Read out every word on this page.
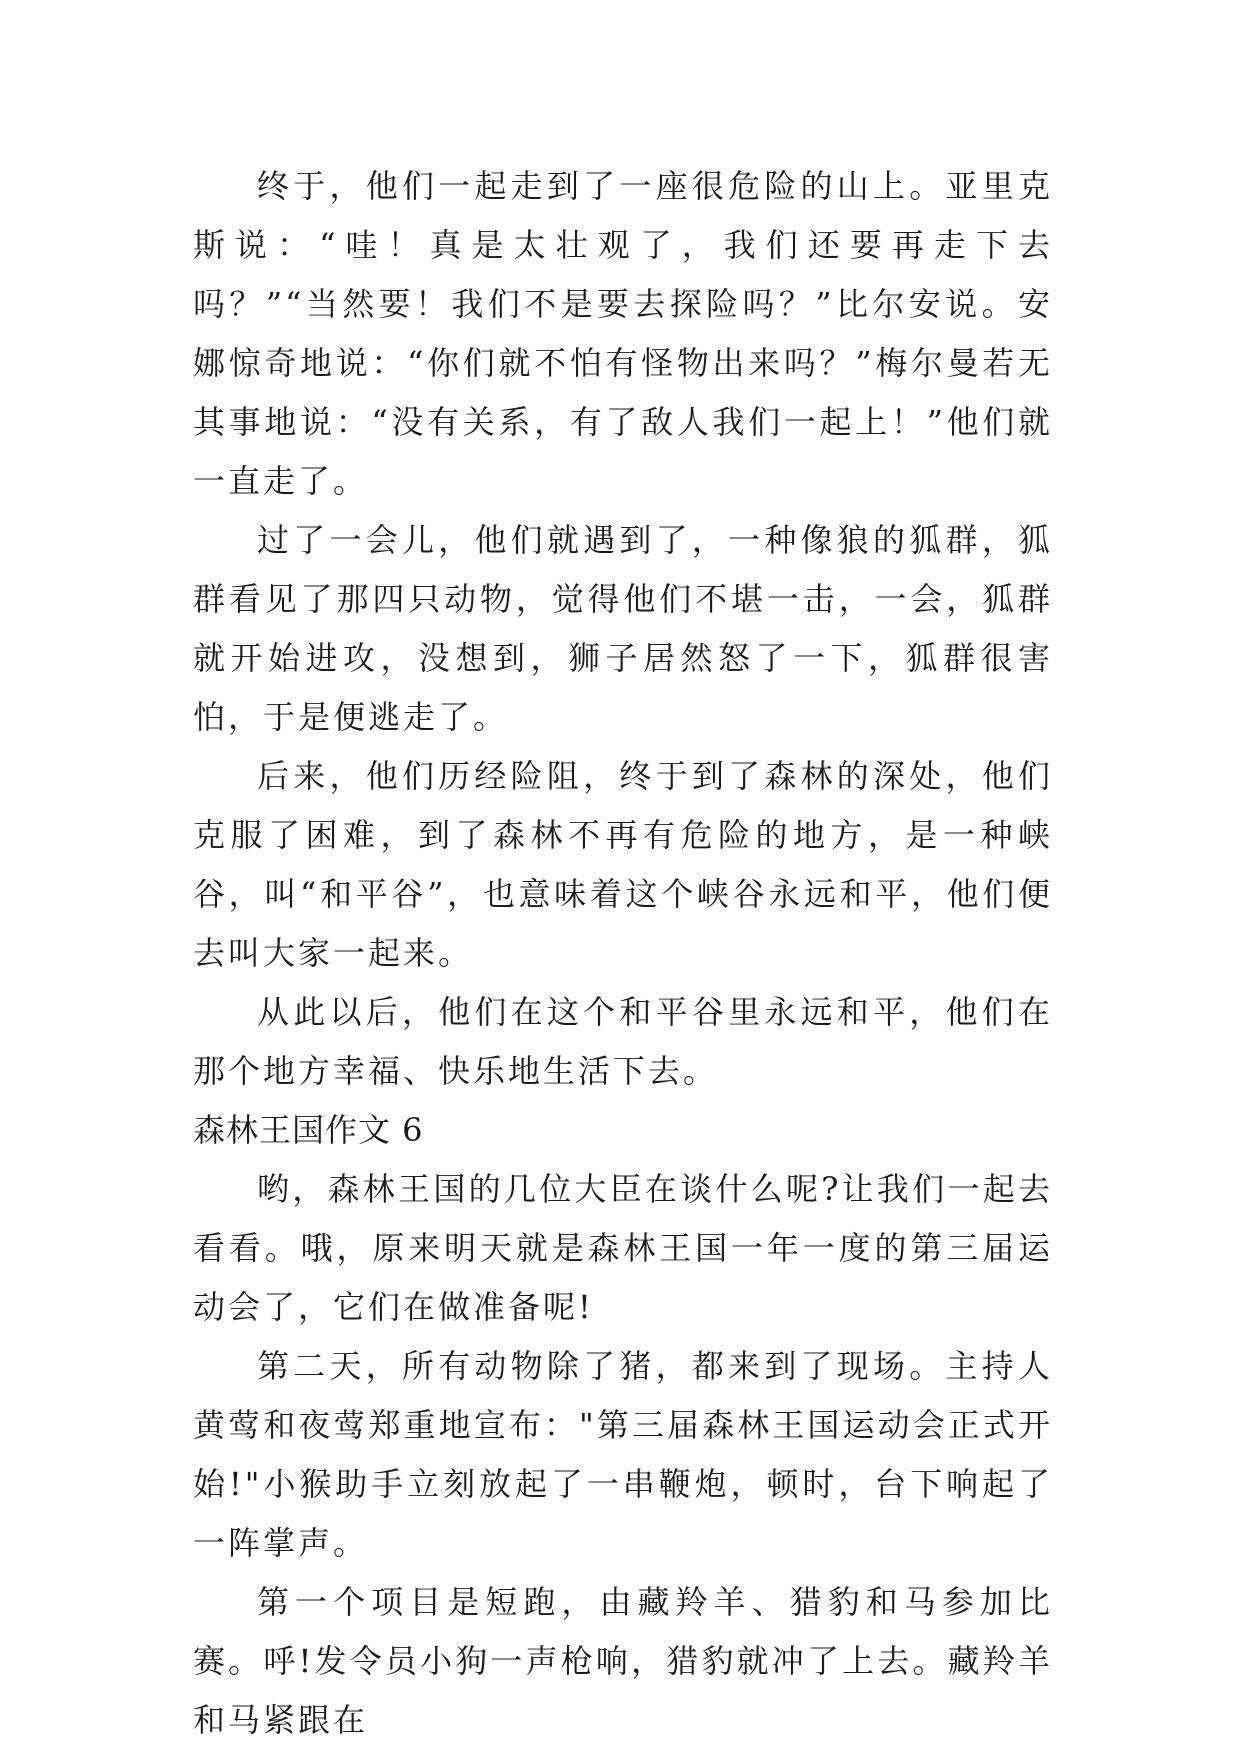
终于，他们一起走到了一座很危险的山上。亚里克斯说：“哇！真是太壮观了，我们还要再走下去吗？”“当然要！我们不是要去探险吗？”比尔安说。安娜惊奇地说：“你们就不怕有怪物出来吗？”梅尔曼若无其事地说：“没有关系，有了敌人我们一起上！”他们就一直走了。

过了一会儿，他们就遇到了，一种像狼的狐群，狐群看见了那四只动物，觉得他们不堪一击，一会，狐群就开始进攻，没想到，狮子居然怒了一下，狐群很害怕，于是便逃走了。

后来，他们历经险阻，终于到了森林的深处，他们克服了困难，到了森林不再有危险的地方，是一种峡谷，叫“和平谷”，也意味着这个峡谷永远和平，他们便去叫大家一起来。

从此以后，他们在这个和平谷里永远和平，他们在那个地方幸福、快乐地生活下去。

森林王国作文 6

哟，森林王国的几位大臣在谈什么呢?让我们一起去看看。哦，原来明天就是森林王国一年一度的第三届运动会了，它们在做准备呢!

第二天，所有动物除了猪，都来到了现场。主持人黄莺和夜莺郑重地宣布："第三届森林王国运动会正式开始!"小猴助手立刻放起了一串鞭炮，顿时，台下响起了一阵掌声。

第一个项目是短跑，由藏羚羊、猎豹和马参加比赛。呼!发令员小狗一声枪响，猎豹就冲了上去。藏羚羊和马紧跟在
